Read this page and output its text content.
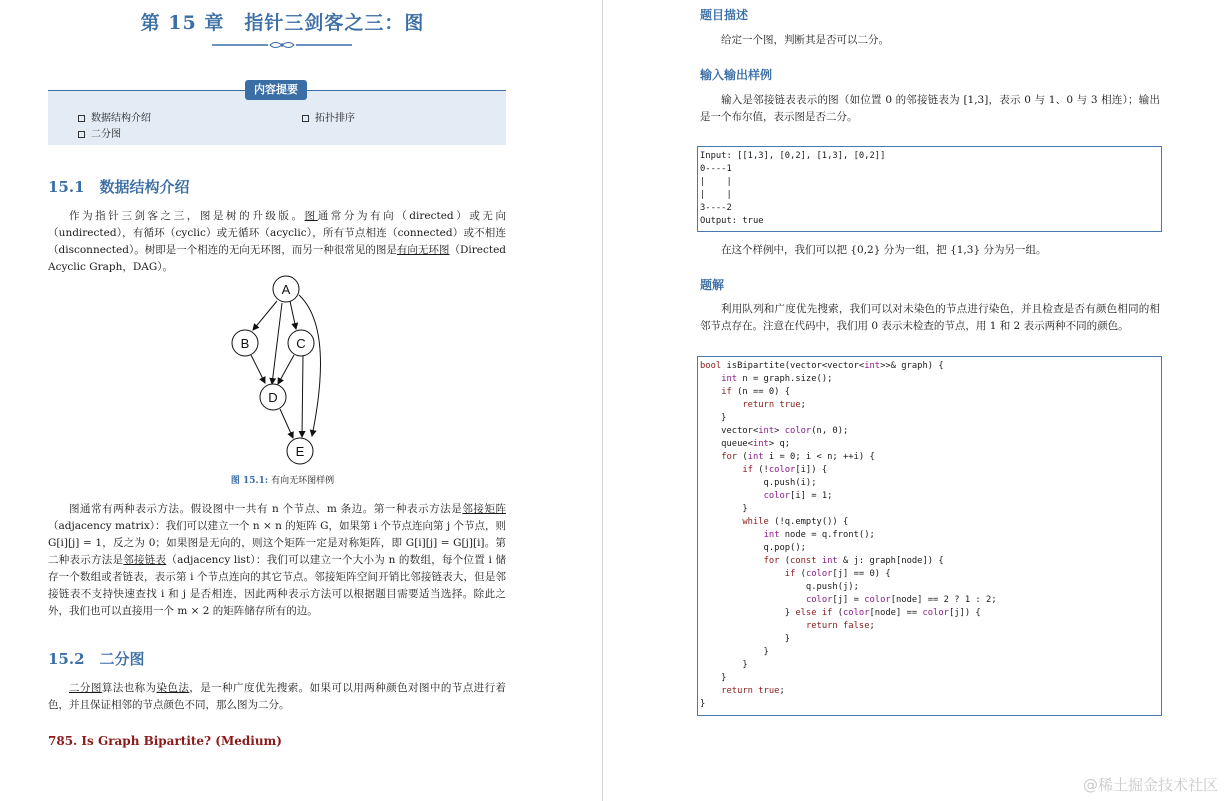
第 15 章　指针三剑客之三：图
内容提要
数据结构介绍	拓扑排序
二分图
15.1　数据结构介绍
作为指针三剑客之三，图是树的升级版。图通常分为有向（directed）或无向（undirected），有循环（cyclic）或无循环（acyclic），所有节点相连（connected）或不相连（disconnected）。树即是一个相连的无向无环图，而另一种很常见的图是有向无环图（Directed Acyclic Graph，DAG）。
A
B	C
D
E
图 15.1: 有向无环图样例
图通常有两种表示方法。假设图中一共有 n 个节点、m 条边。第一种表示方法是邻接矩阵（adjacency matrix）：我们可以建立一个 n × n 的矩阵 G，如果第 i 个节点连向第 j 个节点，则 G[i][j] = 1，反之为 0；如果图是无向的，则这个矩阵一定是对称矩阵，即 G[i][j] = G[j][i]。第二种表示方法是邻接链表（adjacency list）：我们可以建立一个大小为 n 的数组，每个位置 i 储存一个数组或者链表，表示第 i 个节点连向的其它节点。邻接矩阵空间开销比邻接链表大，但是邻接链表不支持快速查找 i 和 j 是否相连，因此两种表示方法可以根据题目需要适当选择。除此之外，我们也可以直接用一个 m × 2 的矩阵储存所有的边。
15.2　二分图
二分图算法也称为染色法，是一种广度优先搜索。如果可以用两种颜色对图中的节点进行着色，并且保证相邻的节点颜色不同，那么图为二分。
785. Is Graph Bipartite? (Medium)
题目描述
给定一个图，判断其是否可以二分。
输入输出样例
输入是邻接链表表示的图（如位置 0 的邻接链表为 [1,3]，表示 0 与 1、0 与 3 相连）；输出是一个布尔值，表示图是否二分。
Input: [[1,3], [0,2], [1,3], [0,2]]
0----1
|    |
|    |
3----2
Output: true
在这个样例中，我们可以把 {0,2} 分为一组，把 {1,3} 分为另一组。
题解
利用队列和广度优先搜索，我们可以对未染色的节点进行染色，并且检查是否有颜色相同的相邻节点存在。注意在代码中，我们用 0 表示未检查的节点，用 1 和 2 表示两种不同的颜色。
bool isBipartite(vector<vector<int>>& graph) {
int n = graph.size();
if (n == 0) {
return true;
}
vector<int> color(n, 0);
queue<int> q;
for (int i = 0; i < n; ++i) {
if (!color[i]) {
q.push(i);
color[i] = 1;
}
while (!q.empty()) {
int node = q.front();
q.pop();
for (const int & j: graph[node]) {
if (color[j] == 0) {
q.push(j);
color[j] = color[node] == 2 ? 1 : 2;
} else if (color[node] == color[j]) {
return false;
}
}
}
}
return true;
}
@稀土掘金技术社区
